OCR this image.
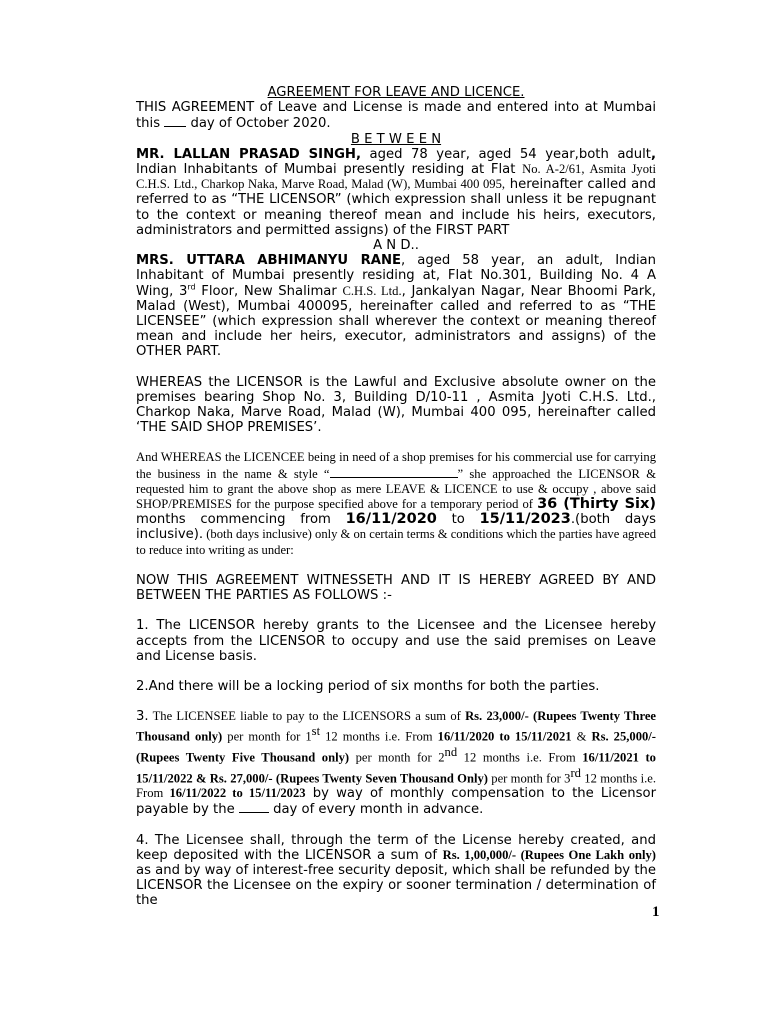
AGREEMENT FOR LEAVE AND LICENCE.

THIS AGREEMENT of Leave and License is made and entered into at Mumbai this day of October 2020.

B E T W E E N

MR. LALLAN PRASAD SINGH, aged 78 year, aged 54 year,both adult, Indian Inhabitants of Mumbai presently residing at Flat No. A-2/61, Asmita Jyoti C.H.S. Ltd., Charkop Naka, Marve Road, Malad (W), Mumbai 400 095, hereinafter called and referred to as “THE LICENSOR” (which expression shall unless it be repugnant to the context or meaning thereof mean and include his heirs, executors, administrators and permitted assigns) of the FIRST PART

A N D..

MRS. UTTARA ABHIMANYU RANE, aged 58 year, an adult, Indian Inhabitant of Mumbai presently residing at, Flat No.301, Building No. 4 A Wing, 3rd Floor, New Shalimar C.H.S. Ltd., Jankalyan Nagar, Near Bhoomi Park, Malad (West), Mumbai 400095, hereinafter called and referred to as “THE LICENSEE” (which expression shall wherever the context or meaning thereof mean and include her heirs, executor, administrators and assigns) of the OTHER PART.

WHEREAS the LICENSOR is the Lawful and Exclusive absolute owner on the premises bearing Shop No. 3, Building D/10-11 , Asmita Jyoti C.H.S. Ltd., Charkop Naka, Marve Road, Malad (W), Mumbai 400 095, hereinafter called ‘THE SAID SHOP PREMISES’.

And WHEREAS the LICENCEE being in need of a shop premises for his commercial use for carrying the business in the name & style “	” she approached the LICENSOR & requested him to grant the above shop as mere LEAVE & LICENCE to use & occupy , above said SHOP/PREMISES for the purpose specified above for a temporary period of 36 (Thirty Six) months commencing from 16/11/2020 to 15/11/2023.(both days inclusive). (both days inclusive) only & on certain terms & conditions which the parties have agreed to reduce into writing as under:

NOW THIS AGREEMENT WITNESSETH AND IT IS HEREBY AGREED BY AND BETWEEN THE PARTIES AS FOLLOWS :-

1. The LICENSOR hereby grants to the Licensee and the Licensee hereby accepts from the LICENSOR to occupy and use the said premises on Leave and License basis.

2.And there will be a locking period of six months for both the parties.

3. The LICENSEE liable to pay to the LICENSORS a sum of Rs. 23,000/- (Rupees Twenty Three Thousand only) per month for 1st 12 months i.e. From 16/11/2020 to 15/11/2021 & Rs. 25,000/- (Rupees Twenty Five Thousand only) per month for 2nd 12 months i.e. From 16/11/2021 to 15/11/2022 & Rs. 27,000/- (Rupees Twenty Seven Thousand Only) per month for 3rd 12 months i.e. From 16/11/2022 to 15/11/2023 by way of monthly compensation to the Licensor payable by the  day of every month in advance.

4. The Licensee shall, through the term of the License hereby created, and keep deposited with the LICENSOR a sum of Rs. 1,00,000/- (Rupees One Lakh only) as and by way of interest-free security deposit, which shall be refunded by the LICENSOR the Licensee on the expiry or sooner termination / determination of the

1
